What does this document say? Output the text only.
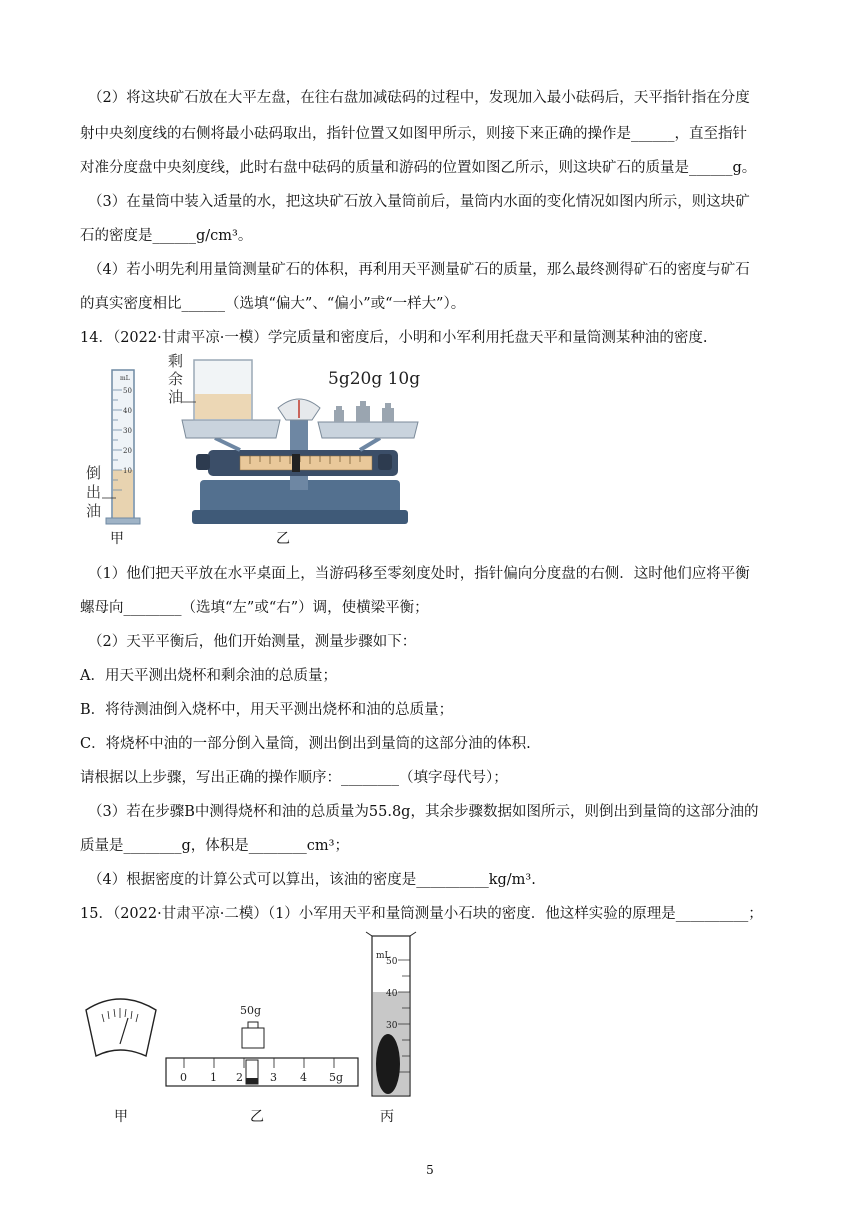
（2）将这块矿石放在大平左盘，在往右盘加减砝码的过程中，发现加入最小砝码后，天平指针指在分度
射中央刻度线的右侧将最小砝码取出，指针位置又如图甲所示，则接下来正确的操作是______，直至指针
对准分度盘中央刻度线，此时右盘中砝码的质量和游码的位置如图乙所示，则这块矿石的质量是______g。
（3）在量筒中装入适量的水，把这块矿石放入量筒前后，量筒内水面的变化情况如图内所示，则这块矿
石的密度是______g/cm³。
（4）若小明先利用量筒测量矿石的体积，再利用天平测量矿石的质量，那么最终测得矿石的密度与矿石
的真实密度相比______（选填“偏大”、“偏小”或“一样大”）。
14．（2022·甘肃平凉·一模）学完质量和密度后，小明和小军利用托盘天平和量筒测某种油的密度.
mL
50
40
30
20
10
倒
出
油
剩
余
油
5g20g 10g
甲	乙
（1）他们把天平放在水平桌面上，当游码移至零刻度处时，指针偏向分度盘的右侧．这时他们应将平衡
螺母向________（选填“左”或“右”）调，使横梁平衡；
（2）天平平衡后，他们开始测量，测量步骤如下：
A．用天平测出烧杯和剩余油的总质量；
B．将待测油倒入烧杯中，用天平测出烧杯和油的总质量；
C．将烧杯中油的一部分倒入量筒，测出倒出到量筒的这部分油的体积.
请根据以上步骤，写出正确的操作顺序：________（填字母代号）；
（3）若在步骤B中测得烧杯和油的总质量为55.8g，其余步骤数据如图所示，则倒出到量筒的这部分油的
质量是________g，体积是________cm³；
（4）根据密度的计算公式可以算出，该油的密度是__________kg/m³.
15．（2022·甘肃平凉·二模）（1）小军用天平和量筒测量小石块的密度．他这样实验的原理是__________；
0 1 2 3 4 5g
50g
mL
50
40
30
甲	乙	丙
5
